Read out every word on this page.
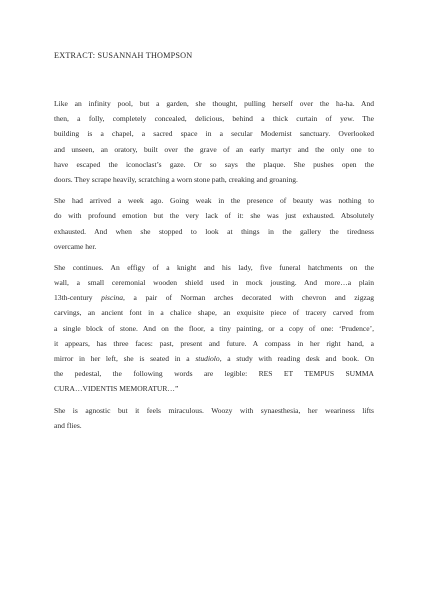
EXTRACT: SUSANNAH THOMPSON
Like an infinity pool, but a garden, she thought, pulling herself over the ha-ha. And
then, a folly, completely concealed, delicious, behind a thick curtain of yew. The
building is a chapel, a sacred space in a secular Modernist sanctuary. Overlooked
and unseen, an oratory, built over the grave of an early martyr and the only one to
have escaped the iconoclast’s gaze. Or so says the plaque. She pushes open the
doors. They scrape heavily, scratching a worn stone path, creaking and groaning.
She had arrived a week ago. Going weak in the presence of beauty was nothing to
do with profound emotion but the very lack of it: she was just exhausted. Absolutely
exhausted. And when she stopped to look at things in the gallery the tiredness
overcame her.
She continues. An effigy of a knight and his lady, five funeral hatchments on the
wall, a small ceremonial wooden shield used in mock jousting. And more…a plain
13th-century piscina, a pair of Norman arches decorated with chevron and zigzag
carvings, an ancient font in a chalice shape, an exquisite piece of tracery carved from
a single block of stone. And on the floor, a tiny painting, or a copy of one: ‘Prudence’,
it appears, has three faces: past, present and future. A compass in her right hand, a
mirror in her left, she is seated in a studiolo, a study with reading desk and book. On
the pedestal, the following words are legible: RES ET TEMPUS SUMMA
CURA…VIDENTIS MEMORATUR…”
She is agnostic but it feels miraculous. Woozy with synaesthesia, her weariness lifts
and flies.
